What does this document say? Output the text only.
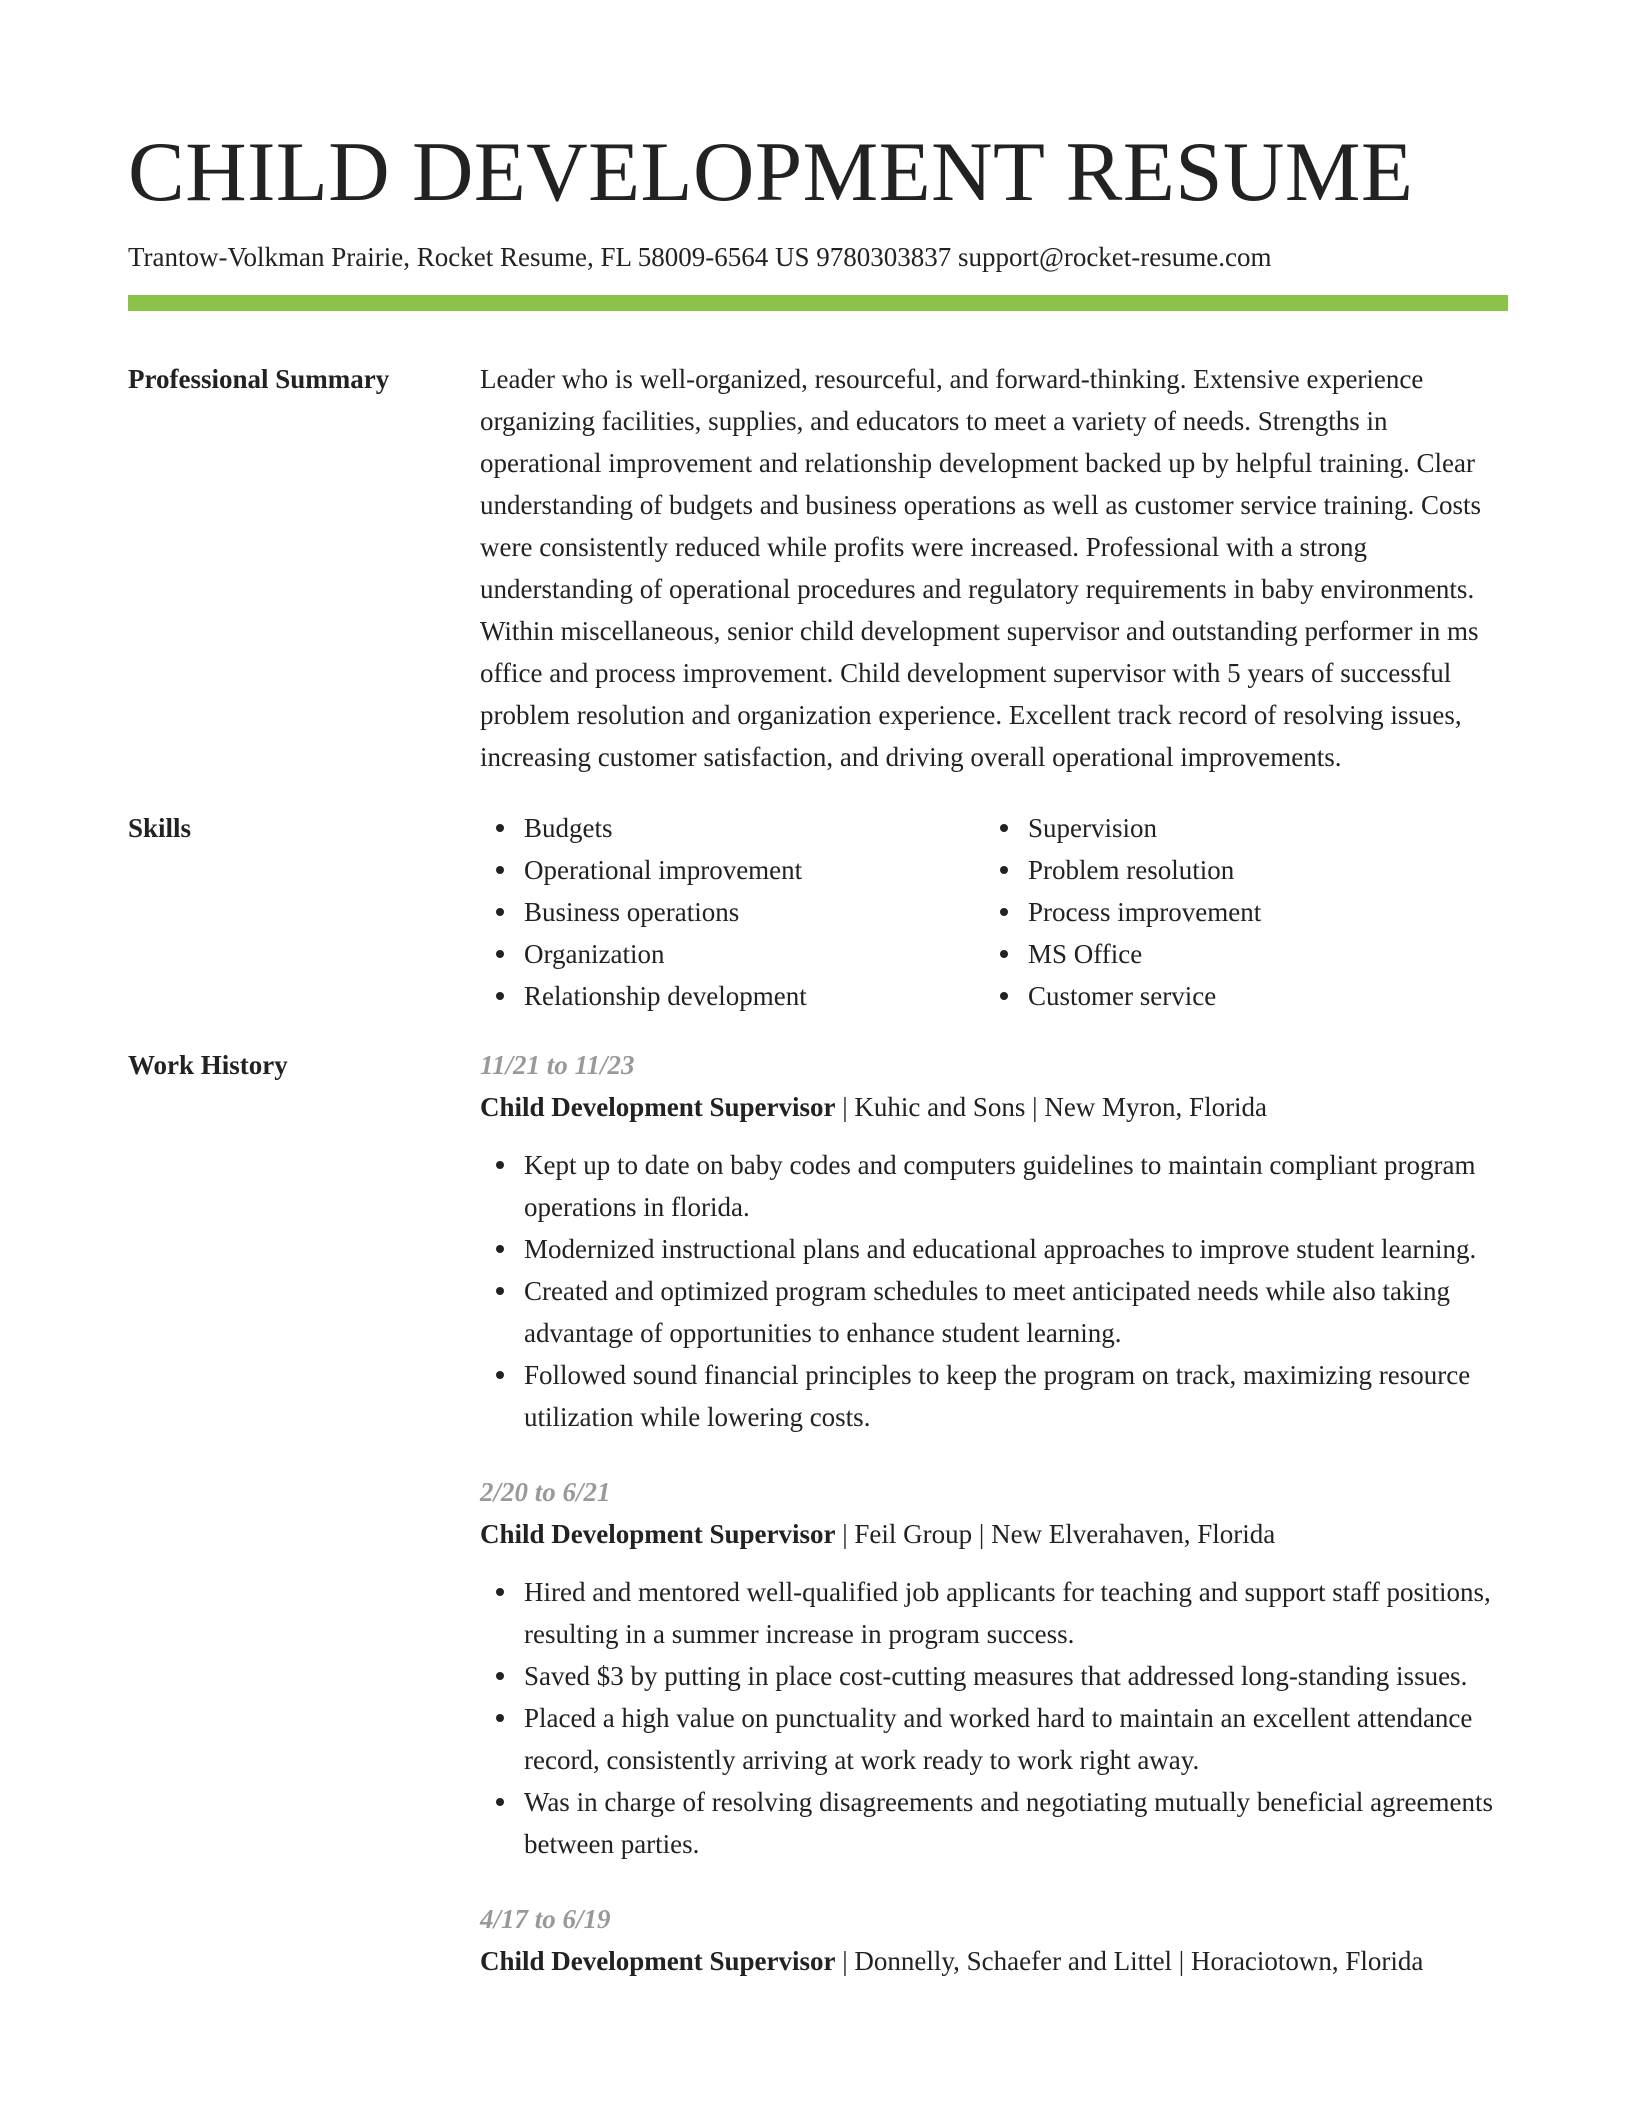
CHILD DEVELOPMENT RESUME
Trantow-Volkman Prairie, Rocket Resume, FL 58009-6564 US 9780303837 support@rocket-resume.com
Professional Summary	Leader who is well-organized, resourceful, and forward-thinking. Extensive experience organizing facilities, supplies, and educators to meet a variety of needs. Strengths in operational improvement and relationship development backed up by helpful training. Clear understanding of budgets and business operations as well as customer service training. Costs were consistently reduced while profits were increased. Professional with a strong understanding of operational procedures and regulatory requirements in baby environments. Within miscellaneous, senior child development supervisor and outstanding performer in ms office and process improvement. Child development supervisor with 5 years of successful problem resolution and organization experience. Excellent track record of resolving issues, increasing customer satisfaction, and driving overall operational improvements.

Skills	Budgets
Operational improvement
Business operations
Organization
Relationship development
Supervision
Problem resolution
Process improvement
MS Office
Customer service
Work History	11/21 to 11/23
Child Development Supervisor | Kuhic and Sons | New Myron, Florida
Kept up to date on baby codes and computers guidelines to maintain compliant program operations in florida.
Modernized instructional plans and educational approaches to improve student learning.
Created and optimized program schedules to meet anticipated needs while also taking advantage of opportunities to enhance student learning.
Followed sound financial principles to keep the program on track, maximizing resource utilization while lowering costs.
2/20 to 6/21
Child Development Supervisor | Feil Group | New Elverahaven, Florida
Hired and mentored well-qualified job applicants for teaching and support staff positions, resulting in a summer increase in program success.
Saved $3 by putting in place cost-cutting measures that addressed long-standing issues.
Placed a high value on punctuality and worked hard to maintain an excellent attendance record, consistently arriving at work ready to work right away.
Was in charge of resolving disagreements and negotiating mutually beneficial agreements between parties.
4/17 to 6/19
Child Development Supervisor | Donnelly, Schaefer and Littel | Horaciotown, Florida
